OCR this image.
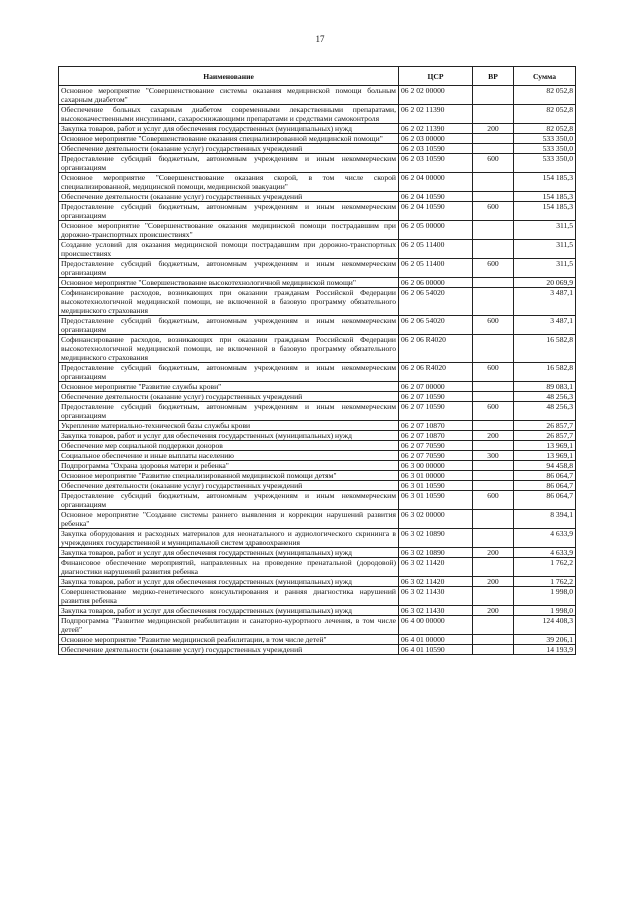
17
Наименование	ЦСР	ВР	Сумма
Основное мероприятие "Совершенствование системы оказания медицинской помощи больным сахарным диабетом"	06 2 02 00000		82 052,8
Обеспечение больных сахарным диабетом современными лекарственными препаратами, высококачественными инсулинами, сахароснижающими препаратами и средствами самоконтроля	06 2 02 11390		82 052,8
Закупка товаров, работ и услуг для обеспечения государственных (муниципальных) нужд	06 2 02 11390	200	82 052,8
Основное мероприятие "Совершенствование оказания специализированной медицинской помощи"	06 2 03 00000		533 350,0
Обеспечение деятельности (оказание услуг) государственных учреждений	06 2 03 10590		533 350,0
Предоставление субсидий бюджетным, автономным учреждениям и иным некоммерческим организациям	06 2 03 10590	600	533 350,0
Основное мероприятие "Совершенствование оказания скорой, в том числе скорой специализированной, медицинской помощи, медицинской эвакуации"	06 2 04 00000		154 185,3
Обеспечение деятельности (оказание услуг) государственных учреждений	06 2 04 10590		154 185,3
Предоставление субсидий бюджетным, автономным учреждениям и иным некоммерческим организациям	06 2 04 10590	600	154 185,3
Основное мероприятие "Совершенствование оказания медицинской помощи пострадавшим при дорожно-транспортных происшествиях"	06 2 05 00000		311,5
Создание условий для оказания медицинской помощи пострадавшим при дорожно-транспортных происшествиях	06 2 05 11400		311,5
Предоставление субсидий бюджетным, автономным учреждениям и иным некоммерческим организациям	06 2 05 11400	600	311,5
Основное мероприятие "Совершенствование высокотехнологичной медицинской помощи"	06 2 06 00000		20 069,9
Софинансирование расходов, возникающих при оказании гражданам Российской Федерации высокотехнологичной медицинской помощи, не включенной в базовую программу обязательного медицинского страхования	06 2 06 54020		3 487,1
Предоставление субсидий бюджетным, автономным учреждениям и иным некоммерческим организациям	06 2 06 54020	600	3 487,1
Софинансирование расходов, возникающих при оказании гражданам Российской Федерации высокотехнологичной медицинской помощи, не включенной в базовую программу обязательного медицинского страхования	06 2 06 R4020		16 582,8
Предоставление субсидий бюджетным, автономным учреждениям и иным некоммерческим организациям	06 2 06 R4020	600	16 582,8
Основное мероприятие "Развитие службы крови"	06 2 07 00000		89 083,1
Обеспечение деятельности (оказание услуг) государственных учреждений	06 2 07 10590		48 256,3
Предоставление субсидий бюджетным, автономным учреждениям и иным некоммерческим организациям	06 2 07 10590	600	48 256,3
Укрепление материально-технической базы службы крови	06 2 07 10870		26 857,7
Закупка товаров, работ и услуг для обеспечения государственных (муниципальных) нужд	06 2 07 10870	200	26 857,7
Обеспечение мер социальной поддержки доноров	06 2 07 70590		13 969,1
Социальное обеспечение и иные выплаты населению	06 2 07 70590	300	13 969,1
Подпрограмма "Охрана здоровья матери и ребенка"	06 3 00 00000		94 458,8
Основное мероприятие "Развитие специализированной медицинской помощи детям"	06 3 01 00000		86 064,7
Обеспечение деятельности (оказание услуг) государственных учреждений	06 3 01 10590		86 064,7
Предоставление субсидий бюджетным, автономным учреждениям и иным некоммерческим организациям	06 3 01 10590	600	86 064,7
Основное мероприятие "Создание системы раннего выявления и коррекции нарушений развития ребенка"	06 3 02 00000		8 394,1
Закупка оборудования и расходных материалов для неонатального и аудиологического скрининга в учреждениях государственной и муниципальной систем здравоохранения	06 3 02 10890		4 633,9
Закупка товаров, работ и услуг для обеспечения государственных (муниципальных) нужд	06 3 02 10890	200	4 633,9
Финансовое обеспечение мероприятий, направленных на проведение пренатальной (дородовой) диагностики нарушений развития ребенка	06 3 02 11420		1 762,2
Закупка товаров, работ и услуг для обеспечения государственных (муниципальных) нужд	06 3 02 11420	200	1 762,2
Совершенствование медико-генетического консультирования и ранняя диагностика нарушений развития ребенка	06 3 02 11430		1 998,0
Закупка товаров, работ и услуг для обеспечения государственных (муниципальных) нужд	06 3 02 11430	200	1 998,0
Подпрограмма "Развитие медицинской реабилитации и санаторно-курортного лечения, в том числе детей"	06 4 00 00000		124 408,3
Основное мероприятие "Развитие медицинской реабилитации, в том числе детей"	06 4 01 00000		39 206,1
Обеспечение деятельности (оказание услуг) государственных учреждений	06 4 01 10590		14 193,9
